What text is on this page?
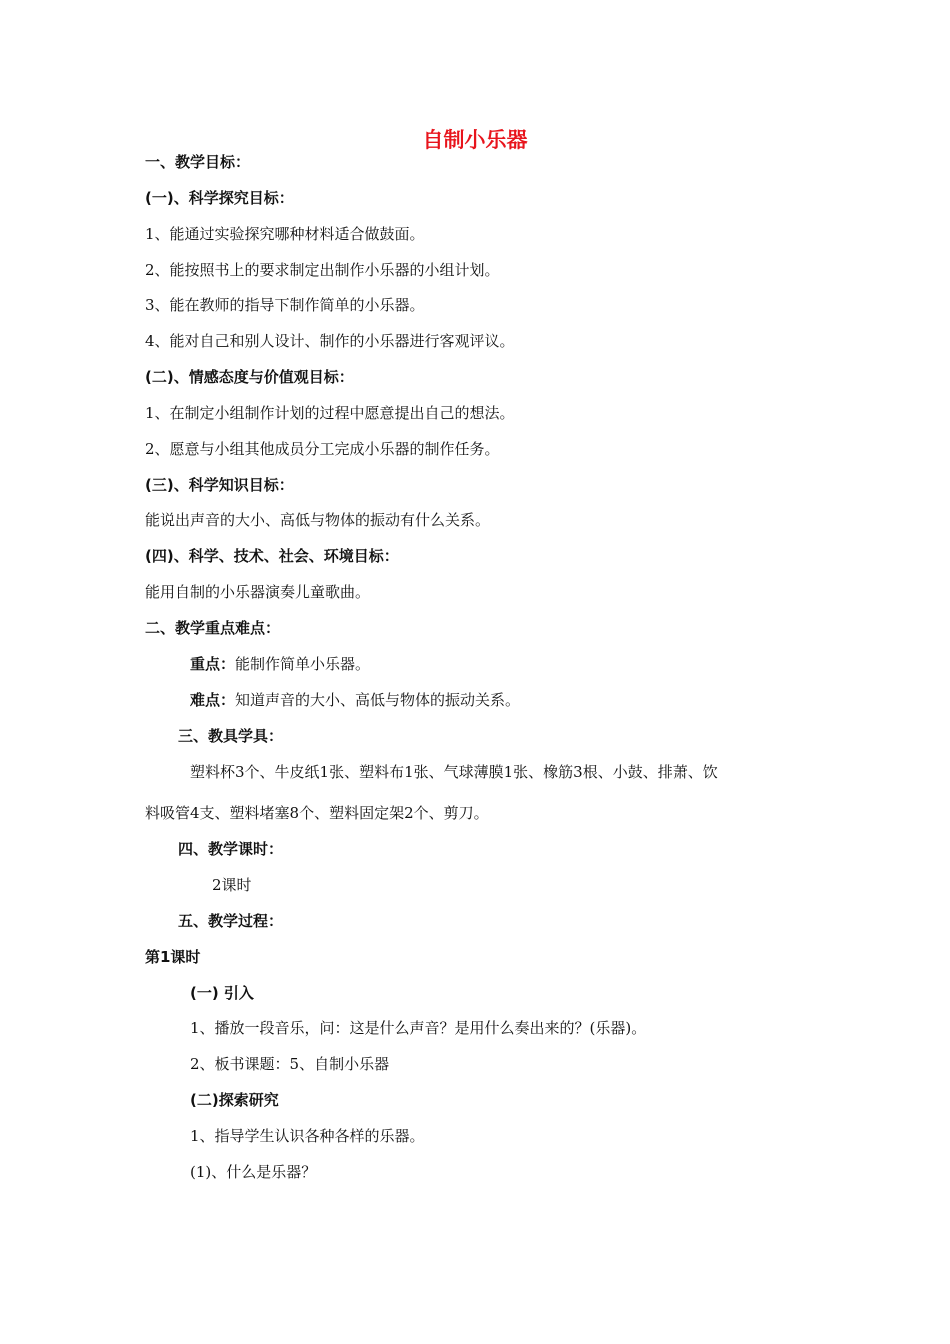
自制小乐器
一、教学目标：
(一)、科学探究目标：
1、能通过实验探究哪种材料适合做鼓面。
2、能按照书上的要求制定出制作小乐器的小组计划。
3、能在教师的指导下制作简单的小乐器。
4、能对自己和别人设计、制作的小乐器进行客观评议。
(二)、情感态度与价值观目标：
1、在制定小组制作计划的过程中愿意提出自己的想法。
2、愿意与小组其他成员分工完成小乐器的制作任务。
(三)、科学知识目标：
能说出声音的大小、高低与物体的振动有什么关系。
(四)、科学、技术、社会、环境目标：
能用自制的小乐器演奏儿童歌曲。
二、教学重点难点：
重点：能制作简单小乐器。
难点：知道声音的大小、高低与物体的振动关系。
三、教具学具：
塑料杯3个、牛皮纸1张、塑料布1张、气球薄膜1张、橡筋3根、小鼓、排萧、饮
料吸管4支、塑料堵塞8个、塑料固定架2个、剪刀。
四、教学课时：
2课时
五、教学过程：
第1课时
(一) 引入
1、播放一段音乐，问：这是什么声音？是用什么奏出来的？(乐器)。
2、板书课题：5、自制小乐器
(二)探索研究
1、指导学生认识各种各样的乐器。
(1)、什么是乐器？
